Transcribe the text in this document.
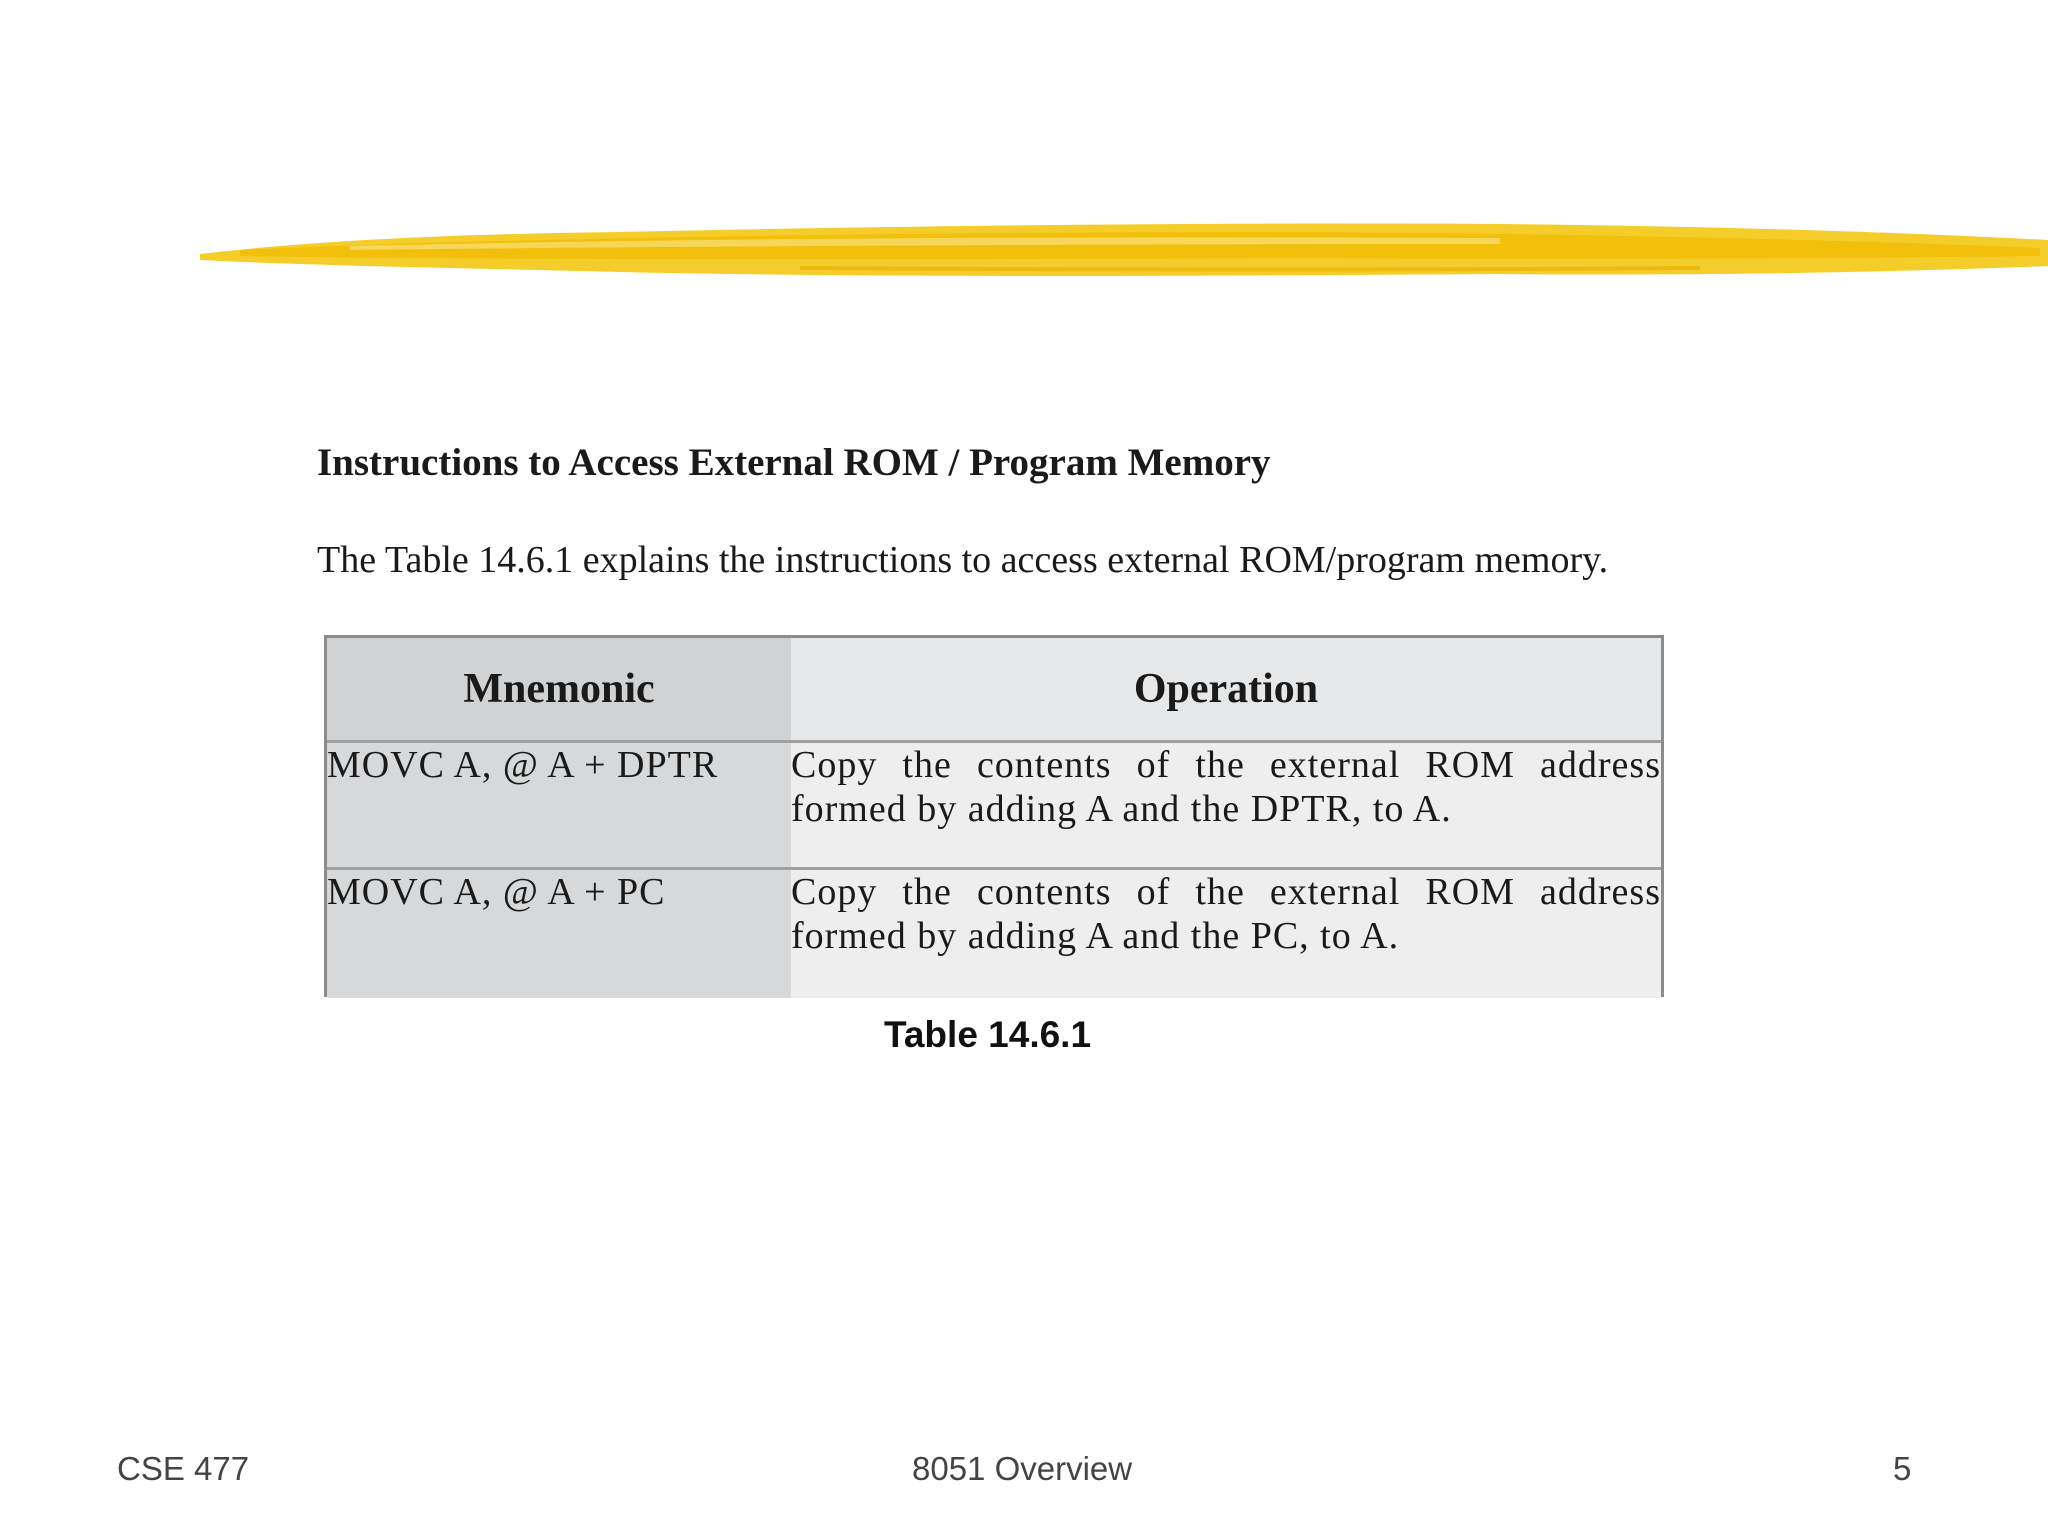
Instructions to Access External ROM / Program Memory
The Table 14.6.1 explains the instructions to access external ROM/program memory.
Mnemonic	Operation
MOVC A, @ A + DPTR	Copy the contents of the external ROM address
formed by adding A and the DPTR, to A.

MOVC A, @ A + PC	Copy the contents of the external ROM address
formed by adding A and the PC, to A.
Table 14.6.1
CSE 477	8051 Overview	5
